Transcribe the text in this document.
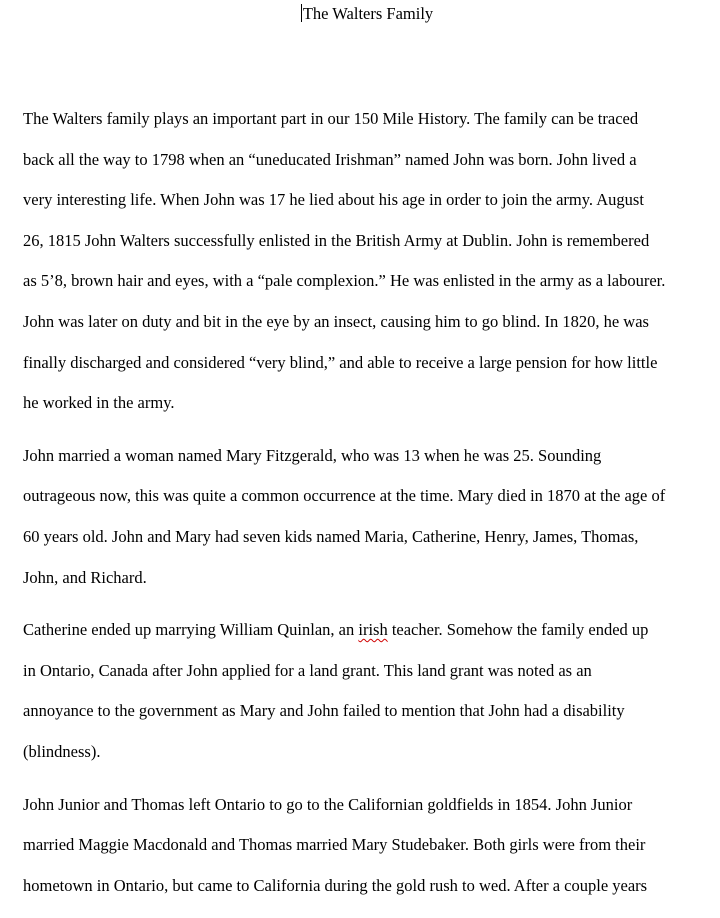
The Walters Family

The Walters family plays an important part in our 150 Mile History. The family can be traced
back all the way to 1798 when an “uneducated Irishman” named John was born. John lived a
very interesting life. When John was 17 he lied about his age in order to join the army. August
26, 1815 John Walters successfully enlisted in the British Army at Dublin. John is remembered
as 5’8, brown hair and eyes, with a “pale complexion.” He was enlisted in the army as a labourer.
John was later on duty and bit in the eye by an insect, causing him to go blind. In 1820, he was
finally discharged and considered “very blind,” and able to receive a large pension for how little
he worked in the army.

John married a woman named Mary Fitzgerald, who was 13 when he was 25. Sounding
outrageous now, this was quite a common occurrence at the time. Mary died in 1870 at the age of
60 years old. John and Mary had seven kids named Maria, Catherine, Henry, James, Thomas,
John, and Richard.

Catherine ended up marrying William Quinlan, an irish teacher. Somehow the family ended up
in Ontario, Canada after John applied for a land grant. This land grant was noted as an
annoyance to the government as Mary and John failed to mention that John had a disability
(blindness).

John Junior and Thomas left Ontario to go to the Californian goldfields in 1854. John Junior
married Maggie Macdonald and Thomas married Mary Studebaker. Both girls were from their
hometown in Ontario, but came to California during the gold rush to wed. After a couple years
